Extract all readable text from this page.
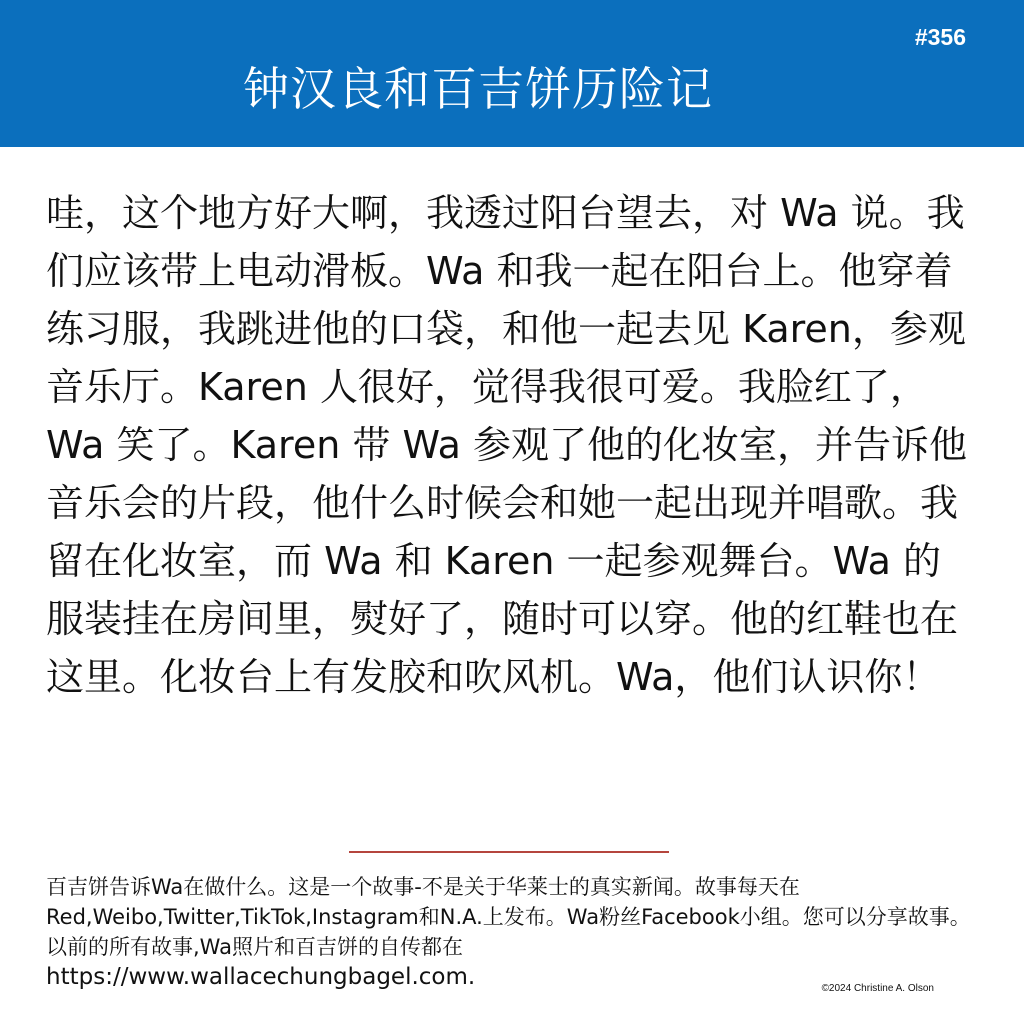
#356
钟汉良和百吉饼历险记
哇，这个地方好大啊，我透过阳台望去，对 Wa 说。我们应该带上电动滑板。Wa 和我一起在阳台上。他穿着练习服，我跳进他的口袋，和他一起去见 Karen，参观音乐厅。Karen 人很好，觉得我很可爱。我脸红了，Wa 笑了。Karen 带 Wa 参观了他的化妆室，并告诉他音乐会的片段，他什么时候会和她一起出现并唱歌。我留在化妆室，而 Wa 和 Karen 一起参观舞台。Wa 的服装挂在房间里，熨好了，随时可以穿。他的红鞋也在这里。化妆台上有发胶和吹风机。Wa，他们认识你！
百吉饼告诉Wa在做什么。这是一个故事-不是关于华莱士的真实新闻。故事每天在Red,Weibo,Twitter,TikTok,Instagram和N.A.上发布。Wa粉丝Facebook小组。您可以分享故事。以前的所有故事,Wa照片和百吉饼的自传都在
https://www.wallacechungbagel.com.	©2024 Christine A. Olson
